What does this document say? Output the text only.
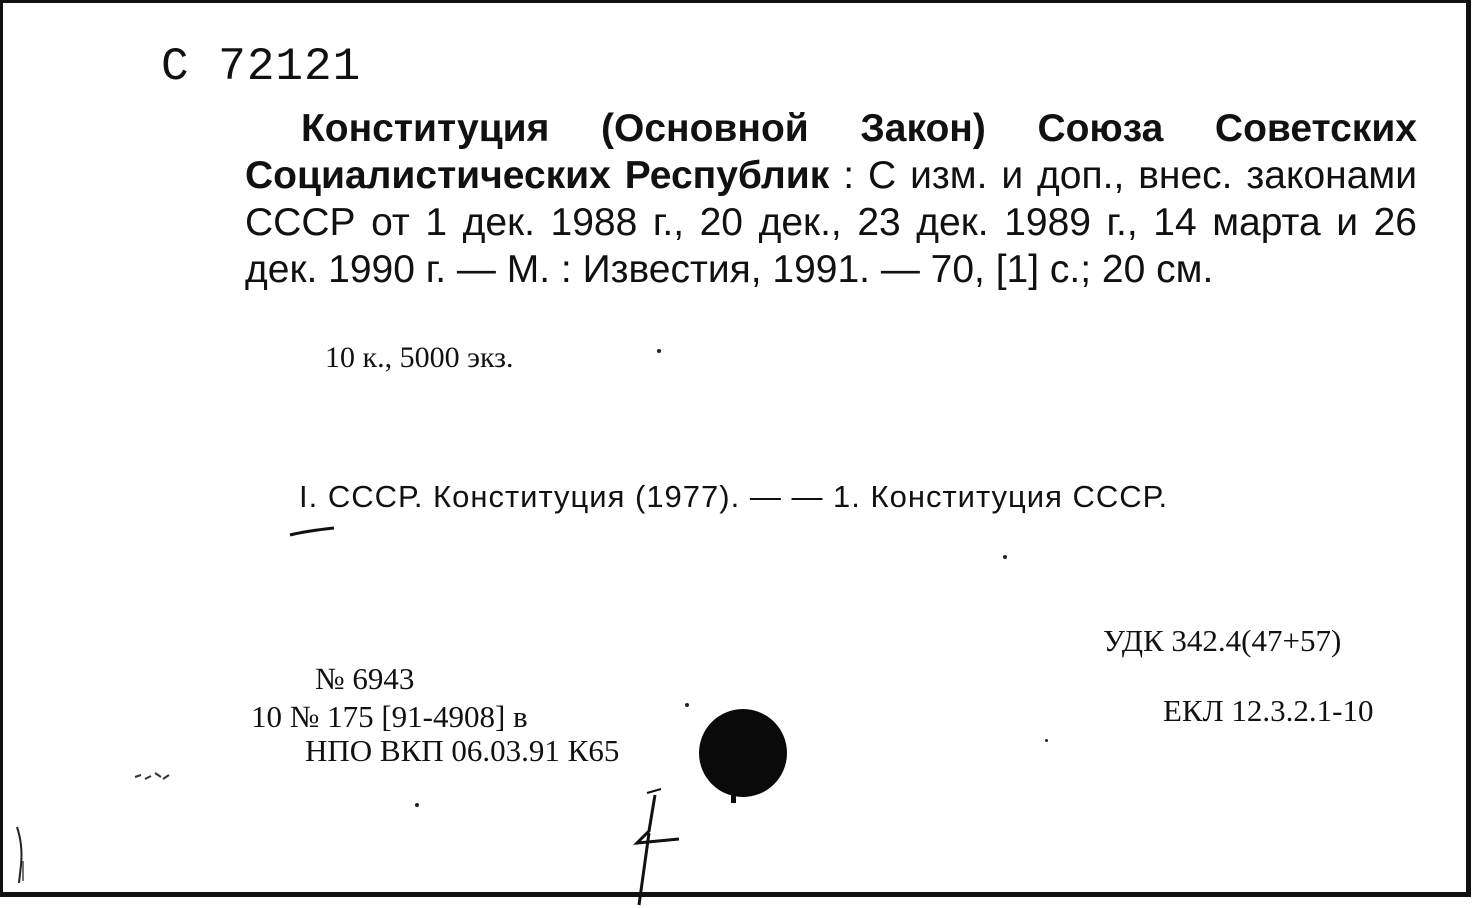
С 72121
Конституция (Основной Закон) Союза Советских Социалистических Республик : С изм. и доп., внес. законами СССР от 1 дек. 1988 г., 20 дек., 23 дек. 1989 г., 14 марта и 26 дек. 1990 г. — М. : Известия, 1991. — 70, [1] с.; 20 см.
10 к., 5000 экз.
I. СССР. Конституция (1977). — — 1. Конституция СССР.
УДК 342.4(47+57)
ЕКЛ 12.3.2.1-10
№ 6943
10 № 175 [91-4908] в
НПО ВКП 06.03.91 К65
